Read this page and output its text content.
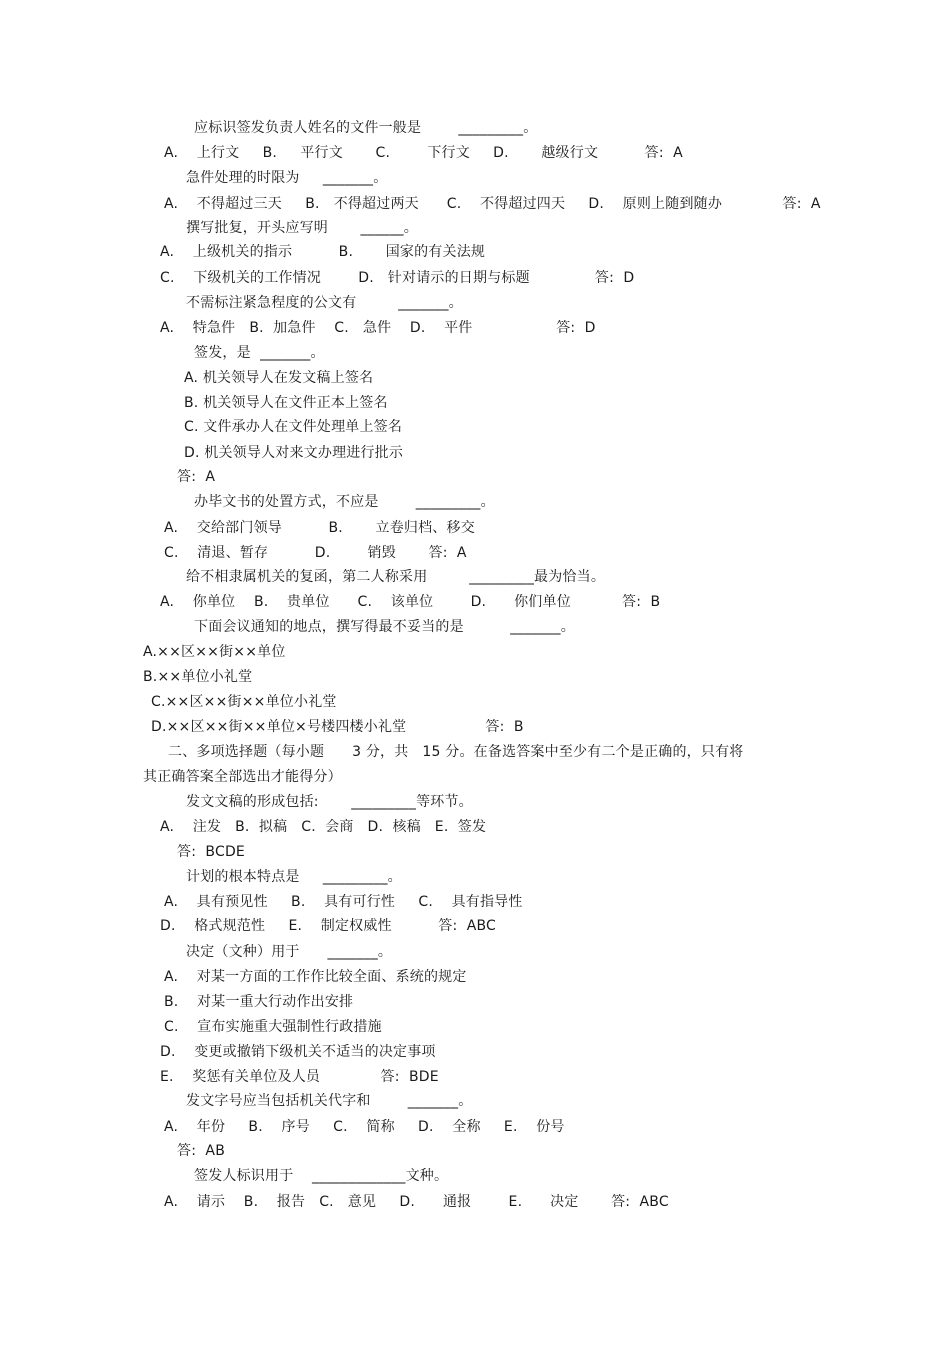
应标识签发负责人姓名的文件一般是        _________。
A.    上行文     B.     平行文       C.        下行文     D.       越级行文          答:  A
急件处理的时限为     _______。
A.    不得超过三天     B.   不得超过两天      C.    不得超过四天     D.    原则上随到随办             答:  A
撰写批复，开头应写明       ______。
A.    上级机关的指示          B.       国家的有关法规
C.    下级机关的工作情况        D.   针对请示的日期与标题              答:  D
不需标注紧急程度的公文有         _______。
A.    特急件   B.  加急件    C.   急件    D.    平件                  答:  D
签发，是  _______。
A. 机关领导人在发文稿上签名
B. 机关领导人在文件正本上签名
C. 文件承办人在文件处理单上签名
D. 机关领导人对来文办理进行批示
答:  A
办毕文书的处置方式，不应是        _________。
A.    交给部门领导          B.       立卷归档、移交
C.    清退、暂存          D.        销毁       答:  A
给不相隶属机关的复函，第二人称采用         _________最为恰当。
A.    你单位    B.    贵单位      C.    该单位        D.      你们单位           答:  B
下面会议通知的地点，撰写得最不妥当的是          _______。
A.××区××街××单位
B.××单位小礼堂
C.××区××街××单位小礼堂
D.××区××街××单位×号楼四楼小礼堂                 答:  B
二、多项选择题（每小题      3 分，共   15 分。在备选答案中至少有二个是正确的，只有将
其正确答案全部选出才能得分）
发文文稿的形成包括:       _________等环节。
A.    注发   B.  拟稿   C.  会商   D.  核稿   E.  签发
答:  BCDE
计划的根本特点是     _________。
A.    具有预见性     B.    具有可行性     C.    具有指导性
D.    格式规范性     E.    制定权威性          答:  ABC
决定（文种）用于      _______。
A.    对某一方面的工作作比较全面、系统的规定
B.    对某一重大行动作出安排
C.    宣布实施重大强制性行政措施
D.    变更或撤销下级机关不适当的决定事项
E.    奖惩有关单位及人员             答:  BDE
发文字号应当包括机关代字和        _______。
A.    年份     B.    序号     C.    简称     D.    全称     E.    份号
答:  AB
签发人标识用于    _____________文种。
A.    请示    B.    报告   C.   意见     D.      通报        E.      决定       答:  ABC
